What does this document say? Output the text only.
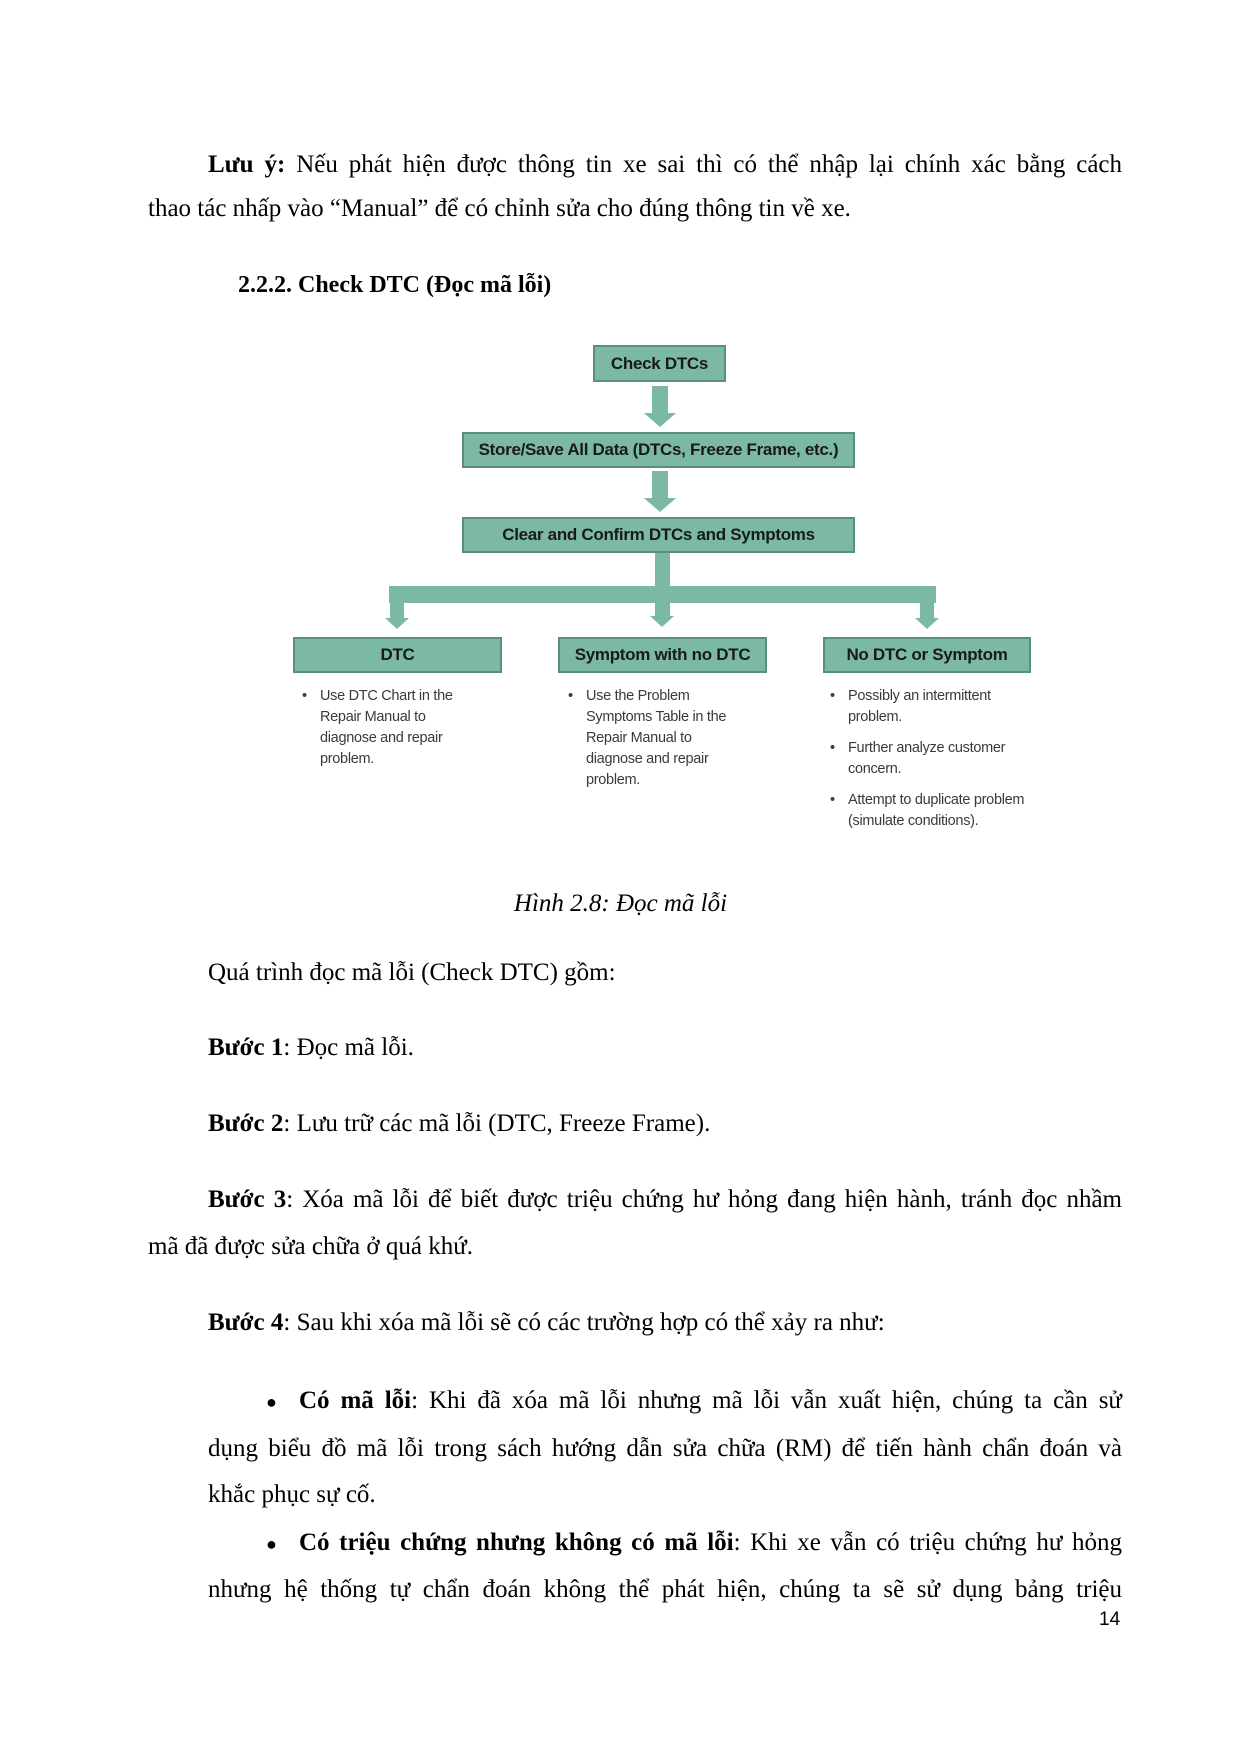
Lưu ý: Nếu phát hiện được thông tin xe sai thì có thể nhập lại chính xác bằng cách
thao tác nhấp vào “Manual” để có chỉnh sửa cho đúng thông tin về xe.
2.2.2. Check DTC (Đọc mã lỗi)
Check DTCs
Store/Save All Data (DTCs, Freeze Frame, etc.)
Clear and Confirm DTCs and Symptoms
DTC	Symptom with no DTC	No DTC or Symptom
• Use DTC Chart in the Repair Manual to diagnose and repair problem.
• Use the Problem Symptoms Table in the Repair Manual to diagnose and repair problem.
• Possibly an intermittent problem.
• Further analyze customer concern.
• Attempt to duplicate problem (simulate conditions).
Hình 2.8: Đọc mã lỗi
Quá trình đọc mã lỗi (Check DTC) gồm:
Bước 1: Đọc mã lỗi.
Bước 2: Lưu trữ các mã lỗi (DTC, Freeze Frame).
Bước 3: Xóa mã lỗi để biết được triệu chứng hư hỏng đang hiện hành, tránh đọc nhầm
mã đã được sửa chữa ở quá khứ.
Bước 4: Sau khi xóa mã lỗi sẽ có các trường hợp có thể xảy ra như:
● Có mã lỗi: Khi đã xóa mã lỗi nhưng mã lỗi vẫn xuất hiện, chúng ta cần sử
dụng biểu đồ mã lỗi trong sách hướng dẫn sửa chữa (RM) để tiến hành chẩn đoán và
khắc phục sự cố.
● Có triệu chứng nhưng không có mã lỗi: Khi xe vẫn có triệu chứng hư hỏng
nhưng hệ thống tự chẩn đoán không thể phát hiện, chúng ta sẽ sử dụng bảng triệu
14
